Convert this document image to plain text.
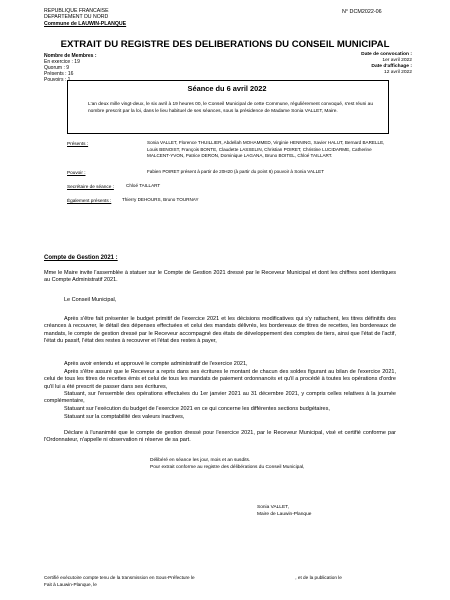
REPUBLIQUE FRANCAISE
DEPARTEMENT DU NORD
Commune de LAUWIN-PLANQUE
N° DCM2022-06
EXTRAIT DU REGISTRE DES DELIBERATIONS DU CONSEIL MUNICIPAL
Nombre de Membres :
En exercice : 19
Quorum : 9
Présents : 16
Pouvoirs : 1
Date de convocation :
1er avril 2022
Date d'affichage :
12 avril 2022
Séance du 6 avril 2022
L'an deux mille vingt-deux, le six avril à 19 heures 00, le Conseil Municipal de cette Commune, régulièrement convoqué, s'est réuni au nombre prescrit par la loi, dans le lieu habituel de ses séances, sous la présidence de Madame Sonia VALLET, Maire.
Présents :	Sonia VALLET, Florence THUILLIER, Abdellah MOHAMMED, Virginie HENNING, Xavier HALUT, Bernard BARELLE, Louis BENOIST, François BONTE, Claudette LASSELIN, Christian POIRET, Christine LUCIDARME, Catherine MALCENT-YVON, Patrice DERON, Dominique LAGANA, Bruno BOITEL, Chloé TAILLART.
Pouvoir :	Fabien POIRET présent à partir de 20H20 (à partir du point 6) pouvoir à Sonia VALLET
Secrétaire de séance :	Chloé TAILLART
Également présents : Thierry DEHOURS, Bruno TOURNAY
Compte de Gestion 2021 :
Mme le Maire invite l'assemblée à statuer sur le Compte de Gestion 2021 dressé par le Receveur Municipal et dont les chiffres sont identiques au Compte Administratif 2021.
Le Conseil Municipal,
Après s'être fait présenter le budget primitif de l'exercice 2021 et les décisions modificatives qui s'y rattachent, les titres définitifs des créances à recouvrer, le détail des dépenses effectuées et celui des mandats délivrés, les bordereaux de titres de recettes, les bordereaux de mandats, le compte de gestion dressé par le Receveur accompagné des états de développement des comptes de tiers, ainsi que l'état de l'actif, l'état du passif, l'état des restes à recouvrer et l'état des restes à payer,
Après avoir entendu et approuvé le compte administratif de l'exercice 2021,
Après s'être assuré que le Receveur a repris dans ses écritures le montant de chacun des soldes figurant au bilan de l'exercice 2021, celui de tous les titres de recettes émis et celui de tous les mandats de paiement ordonnancés et qu'il a procédé à toutes les opérations d'ordre qu'il lui a été prescrit de passer dans ses écritures,
Statuant, sur l'ensemble des opérations effectuées du 1er janvier 2021 au 31 décembre 2021, y compris celles relatives à la journée complémentaire,
Statuant sur l'exécution du budget de l'exercice 2021 en ce qui concerne les différentes sections budgétaires,
Statuant sur la comptabilité des valeurs inactives,
Déclare à l'unanimité que le compte de gestion dressé pour l'exercice 2021, par le Receveur Municipal, visé et certifié conforme par l'Ordonnateur, n'appelle ni observation ni réserve de sa part.
Délibéré en séance les jour, mois et an susdits.
Pour extrait conforme au registre des délibérations du Conseil Municipal,
Sonia VALLET,
Maire de Lauwin-Planque
Certifié exécutoire compte tenu de la transmission en Sous-Préfecture le	, et de la publication le
Fait à Lauwin-Planque, le
